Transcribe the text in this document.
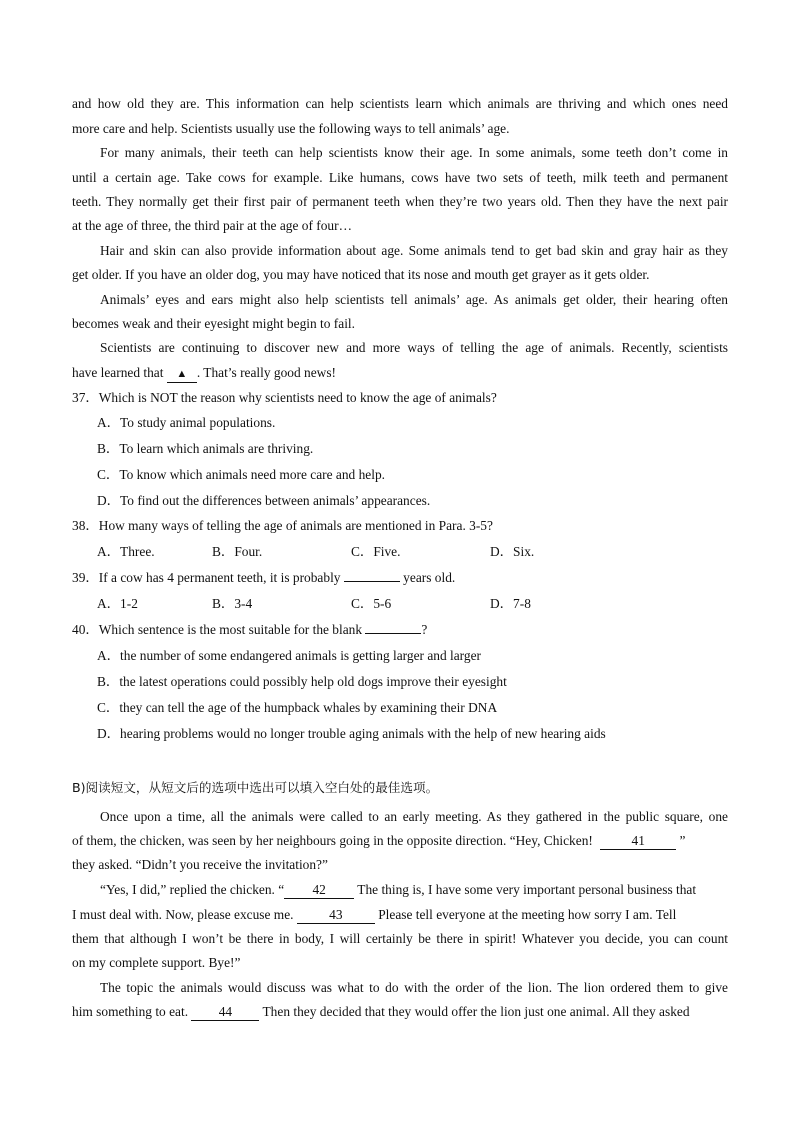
and how old they are. This information can help scientists learn which animals are thriving and which ones need
more care and help. Scientists usually use the following ways to tell animals’ age.
For many animals, their teeth can help scientists know their age. In some animals, some teeth don’t come in
until a certain age. Take cows for example. Like humans, cows have two sets of teeth, milk teeth and permanent
teeth. They normally get their first pair of permanent teeth when they’re two years old. Then they have the next pair
at the age of three, the third pair at the age of four…
Hair and skin can also provide information about age. Some animals tend to get bad skin and gray hair as they
get older. If you have an older dog, you may have noticed that its nose and mouth get grayer as it gets older.
Animals’ eyes and ears might also help scientists tell animals’ age. As animals get older, their hearing often
becomes weak and their eyesight might begin to fail.
Scientists are continuing to discover new and more ways of telling the age of animals. Recently, scientists
have learned that ▲ . That’s really good news!
37．Which is NOT the reason why scientists need to know the age of animals?
A．To study animal populations.
B．To learn which animals are thriving.
C．To know which animals need more care and help.
D．To find out the differences between animals’ appearances.
38．How many ways of telling the age of animals are mentioned in Para. 3-5?
A．Three.	B．Four.	C．Five.	D．Six.
39．If a cow has 4 permanent teeth, it is probably	years old.
A．1-2	B．3-4	C．5-6	D．7-8
40．Which sentence is the most suitable for the blank	?
A．the number of some endangered animals is getting larger and larger
B．the latest operations could possibly help old dogs improve their eyesight
C．they can tell the age of the humpback whales by examining their DNA
D．hearing problems would no longer trouble aging animals with the help of new hearing aids
B)阅读短文，从短文后的选项中选出可以填入空白处的最佳选项。
Once upon a time, all the animals were called to an early meeting. As they gathered in the public square, one
of them, the chicken, was seen by her neighbours going in the opposite direction. “Hey, Chicken!	41 ”
they asked. “Didn’t you receive the invitation?”
“Yes, I did,” replied the chicken. “ 42 The thing is, I have some very important personal business that
I must deal with. Now, please excuse me. 43 Please tell everyone at the meeting how sorry I am. Tell
them that although I won’t be there in body, I will certainly be there in spirit! Whatever you decide, you can count
on my complete support. Bye!”
The topic the animals would discuss was what to do with the order of the lion. The lion ordered them to give
him something to eat. 44 Then they decided that they would offer the lion just one animal. All they asked
